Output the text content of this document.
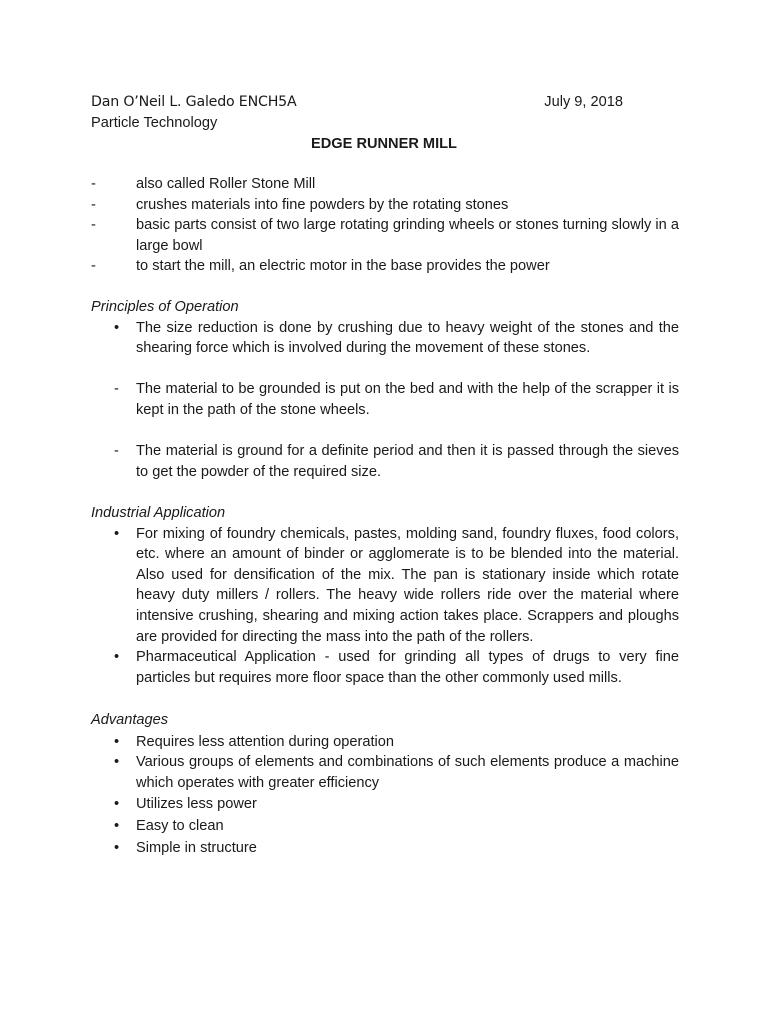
Dan O’Neil L. Galedo ENCH5A	July 9, 2018
Particle Technology
EDGE RUNNER MILL
- also called Roller Stone Mill
- crushes materials into fine powders by the rotating stones
- basic parts consist of two large rotating grinding wheels or stones turning slowly in a large bowl
- to start the mill, an electric motor in the base provides the power
Principles of Operation
• The size reduction is done by crushing due to heavy weight of the stones and the shearing force which is involved during the movement of these stones.
- The material to be grounded is put on the bed and with the help of the scrapper it is kept in the path of the stone wheels.
- The material is ground for a definite period and then it is passed through the sieves to get the powder of the required size.
Industrial Application
• For mixing of foundry chemicals, pastes, molding sand, foundry fluxes, food colors, etc. where an amount of binder or agglomerate is to be blended into the material. Also used for densification of the mix. The pan is stationary inside which rotate heavy duty millers / rollers. The heavy wide rollers ride over the material where intensive crushing, shearing and mixing action takes place. Scrappers and ploughs are provided for directing the mass into the path of the rollers.
• Pharmaceutical Application - used for grinding all types of drugs to very fine particles but requires more floor space than the other commonly used mills.
Advantages
• Requires less attention during operation
• Various groups of elements and combinations of such elements produce a machine which operates with greater efficiency
• Utilizes less power
• Easy to clean
• Simple in structure
